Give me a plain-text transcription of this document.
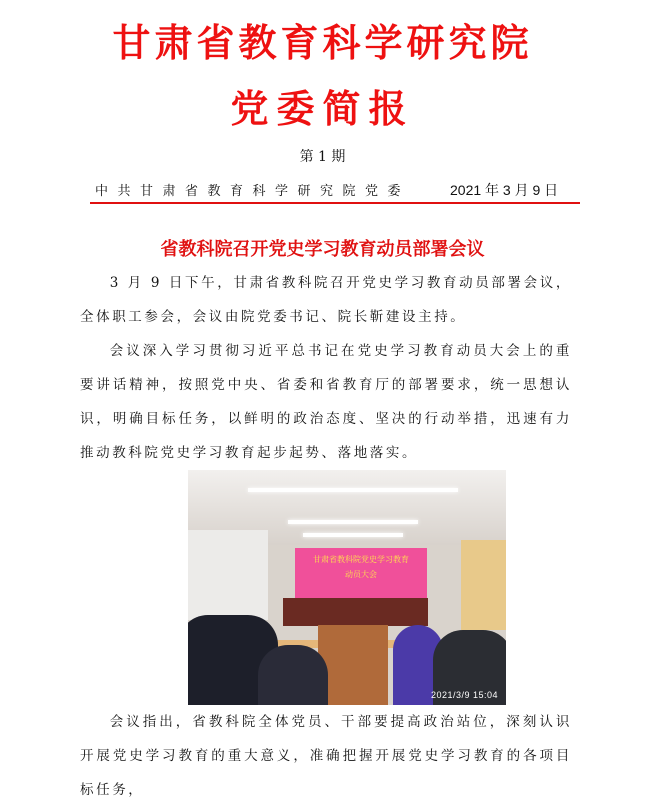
甘肃省教育科学研究院
党委简报
第 1 期
中共甘肃省教育科学研究院党委	2021 年 3 月 9 日
省教科院召开党史学习教育动员部署会议
3 月 9 日下午，甘肃省教科院召开党史学习教育动员部署会议，全体职工参会，会议由院党委书记、院长靳建设主持。
会议深入学习贯彻习近平总书记在党史学习教育动员大会上的重要讲话精神，按照党中央、省委和省教育厅的部署要求，统一思想认识，明确目标任务，以鲜明的政治态度、坚决的行动举措，迅速有力推动教科院党史学习教育起步起势、落地落实。
甘肃省教科院党史学习教育
动员大会
2021/3/9 15:04
会议指出，省教科院全体党员、干部要提高政治站位，深刻认识开展党史学习教育的重大意义，准确把握开展党史学习教育的各项目标任务，
